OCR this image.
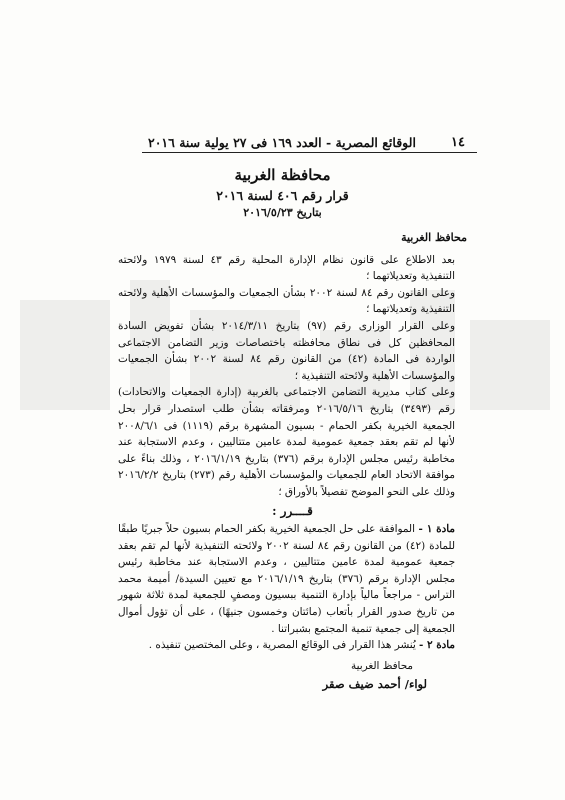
١٤
الوقائع المصرية - العدد ١٦٩ فى ٢٧ يولية سنة ٢٠١٦
محافظة الغربية
قرار رقم ٤٠٦ لسنة ٢٠١٦
بتاريخ ٢٠١٦/٥/٢٣

محافظ الغربية

بعد الاطلاع على قانون نظام الإدارة المحلية رقم ٤٣ لسنة ١٩٧٩ ولائحته التنفيذية وتعديلاتهما ؛

وعلى القانون رقم ٨٤ لسنة ٢٠٠٢ بشأن الجمعيات والمؤسسات الأهلية ولائحته التنفيذية وتعديلاتهما ؛

وعلى القرار الوزارى رقم (٩٧) بتاريخ ٢٠١٤/٣/١١ بشأن تفويض السادة المحافظين كل فى نطاق محافظته باختصاصات وزير التضامن الاجتماعى الواردة فى المادة (٤٢) من القانون رقم ٨٤ لسنة ٢٠٠٢ بشأن الجمعيات والمؤسسات الأهلية ولائحته التنفيذية ؛

وعلى كتاب مديرية التضامن الاجتماعى بالغربية (إدارة الجمعيات والاتحادات) رقم (٣٤٩٣) بتاريخ ٢٠١٦/٥/١٦ ومرفقاته بشأن طلب استصدار قرار بحل الجمعية الخيرية بكفر الحمام - بسيون المشهرة برقم (١١١٩) فى ٢٠٠٨/٦/١ لأنها لم تقم بعقد جمعية عمومية لمدة عامين متتاليين ، وعدم الاستجابة عند مخاطبة رئيس مجلس الإدارة برقم (٣٧٦) بتاريخ ٢٠١٦/١/١٩ ، وذلك بناءً على موافقة الاتحاد العام للجمعيات والمؤسسات الأهلية رقم (٢٧٣) بتاريخ ٢٠١٦/٢/٢ وذلك على النحو الموضح تفصيلاً بالأوراق ؛

قــــرر :

مادة ١ - الموافقة على حل الجمعية الخيرية بكفر الحمام بسيون حلاً جبريًا طبقًا للمادة (٤٢) من القانون رقم ٨٤ لسنة ٢٠٠٢ ولائحته التنفيذية لأنها لم تقم بعقد جمعية عمومية لمدة عامين متتاليين ، وعدم الاستجابة عند مخاطبة رئيس مجلس الإدارة برقم (٣٧٦) بتاريخ ٢٠١٦/١/١٩ مع تعيين السيدة/ أميمة محمد التراس - مراجعاً مالياً بإدارة التنمية ببسيون ومصفٍ للجمعية لمدة ثلاثة شهور من تاريخ صدور القرار بأتعاب (مائتان وخمسون جنيهًا) ، على أن تؤول أموال الجمعية إلى جمعية تنمية المجتمع بشبراتنا .

مادة ٢ - يُنشر هذا القرار فى الوقائع المصرية ، وعلى المختصين تنفيذه .

محافظ الغربية

لواء/ أحمد ضيف صقر
